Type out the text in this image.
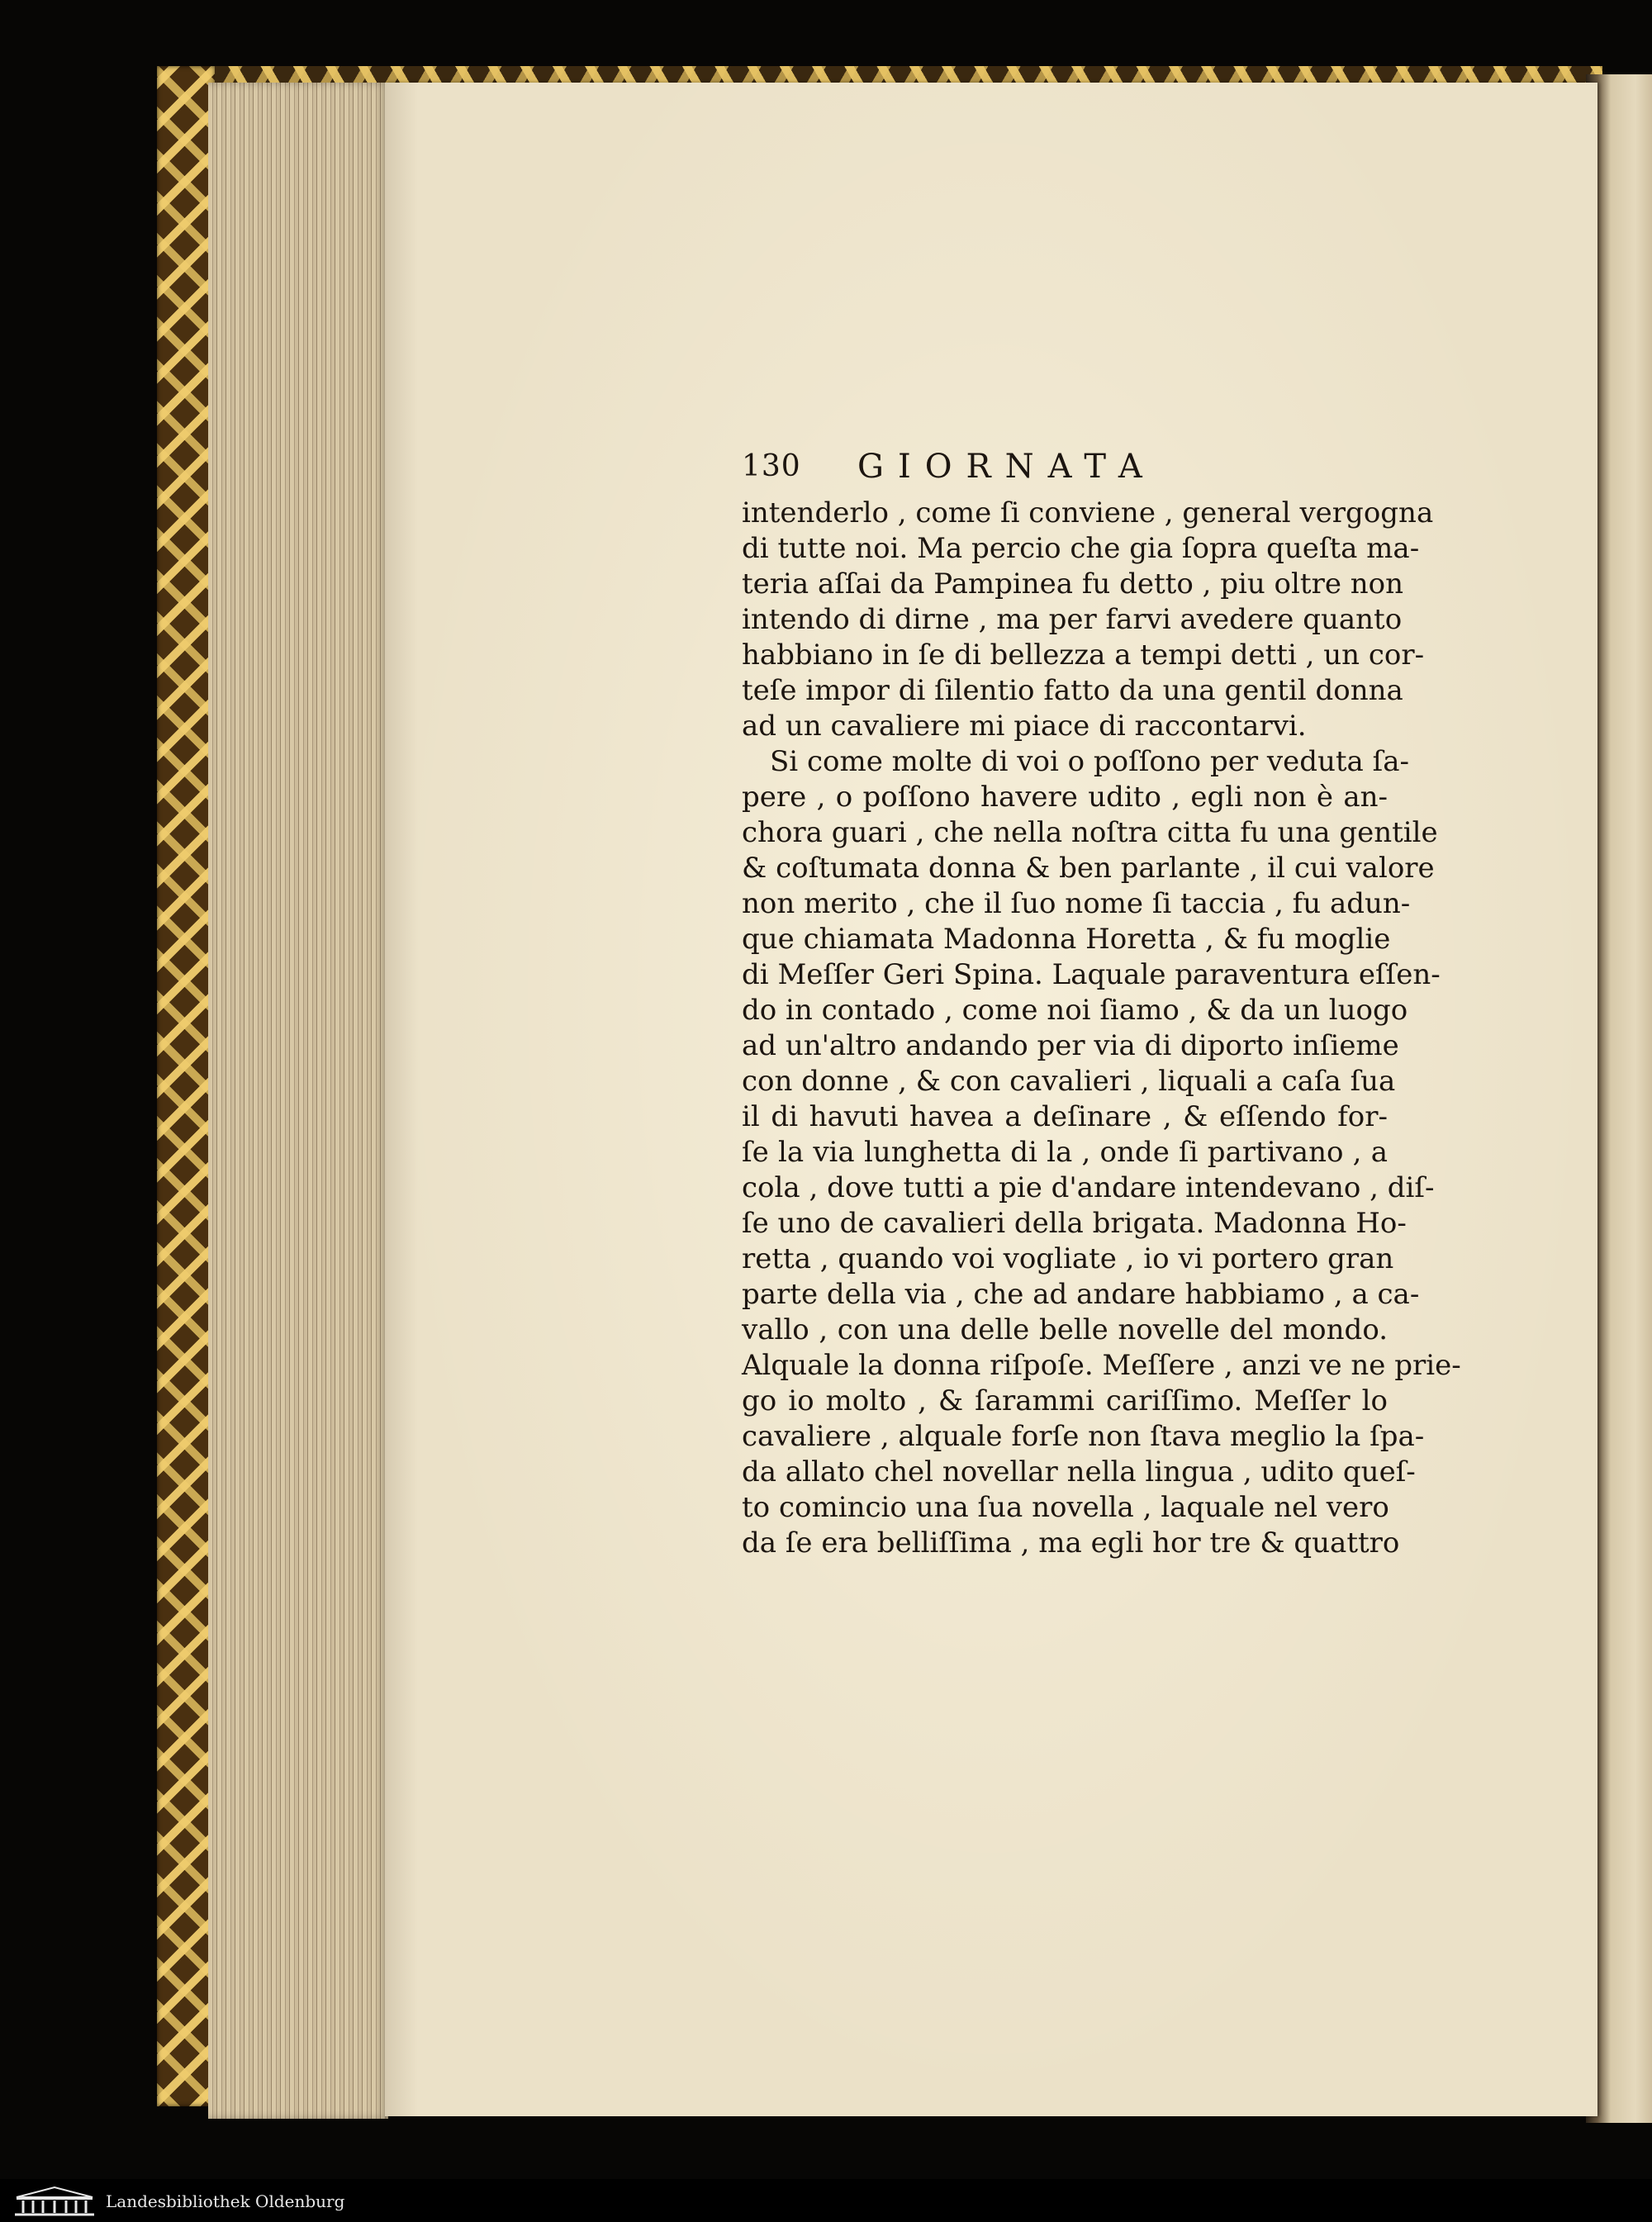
130 GIORNATA
intenderlo , come ſi conviene , general vergogna
di tutte noi. Ma percio che gia ſopra queſta ma-
teria aſſai da Pampinea fu detto , piu oltre non
intendo di dirne , ma per farvi avedere quanto
habbiano in ſe di bellezza a tempi detti , un cor-
teſe impor di ſilentio fatto da una gentil donna
ad un cavaliere mi piace di raccontarvi.
Si come molte di voi o poſſono per veduta ſa-
pere , o poſſono havere udito , egli non è an-
chora guari , che nella noſtra citta fu una gentile
& coſtumata donna & ben parlante , il cui valore
non merito , che il ſuo nome ſi taccia , fu adun-
que chiamata Madonna Horetta , & fu moglie
di Meſſer Geri Spina. Laquale paraventura eſſen-
do in contado , come noi ſiamo , & da un luogo
ad un'altro andando per via di diporto inſieme
con donne , & con cavalieri , liquali a caſa ſua
il di havuti havea a deſinare , & eſſendo for-
ſe la via lunghetta di la , onde ſi partivano , a
cola , dove tutti a pie d'andare intendevano , diſ-
ſe uno de cavalieri della brigata. Madonna Ho-
retta , quando voi vogliate , io vi portero gran
parte della via , che ad andare habbiamo , a ca-
vallo , con una delle belle novelle del mondo.
Alquale la donna riſpoſe. Meſſere , anzi ve ne prie-
go io molto , & ſarammi cariſſimo. Meſſer lo
cavaliere , alquale forſe non ſtava meglio la ſpa-
da allato chel novellar nella lingua , udito queſ-
to comincio una ſua novella , laquale nel vero
da ſe era belliſſima , ma egli hor tre & quattro
Landesbibliothek Oldenburg
